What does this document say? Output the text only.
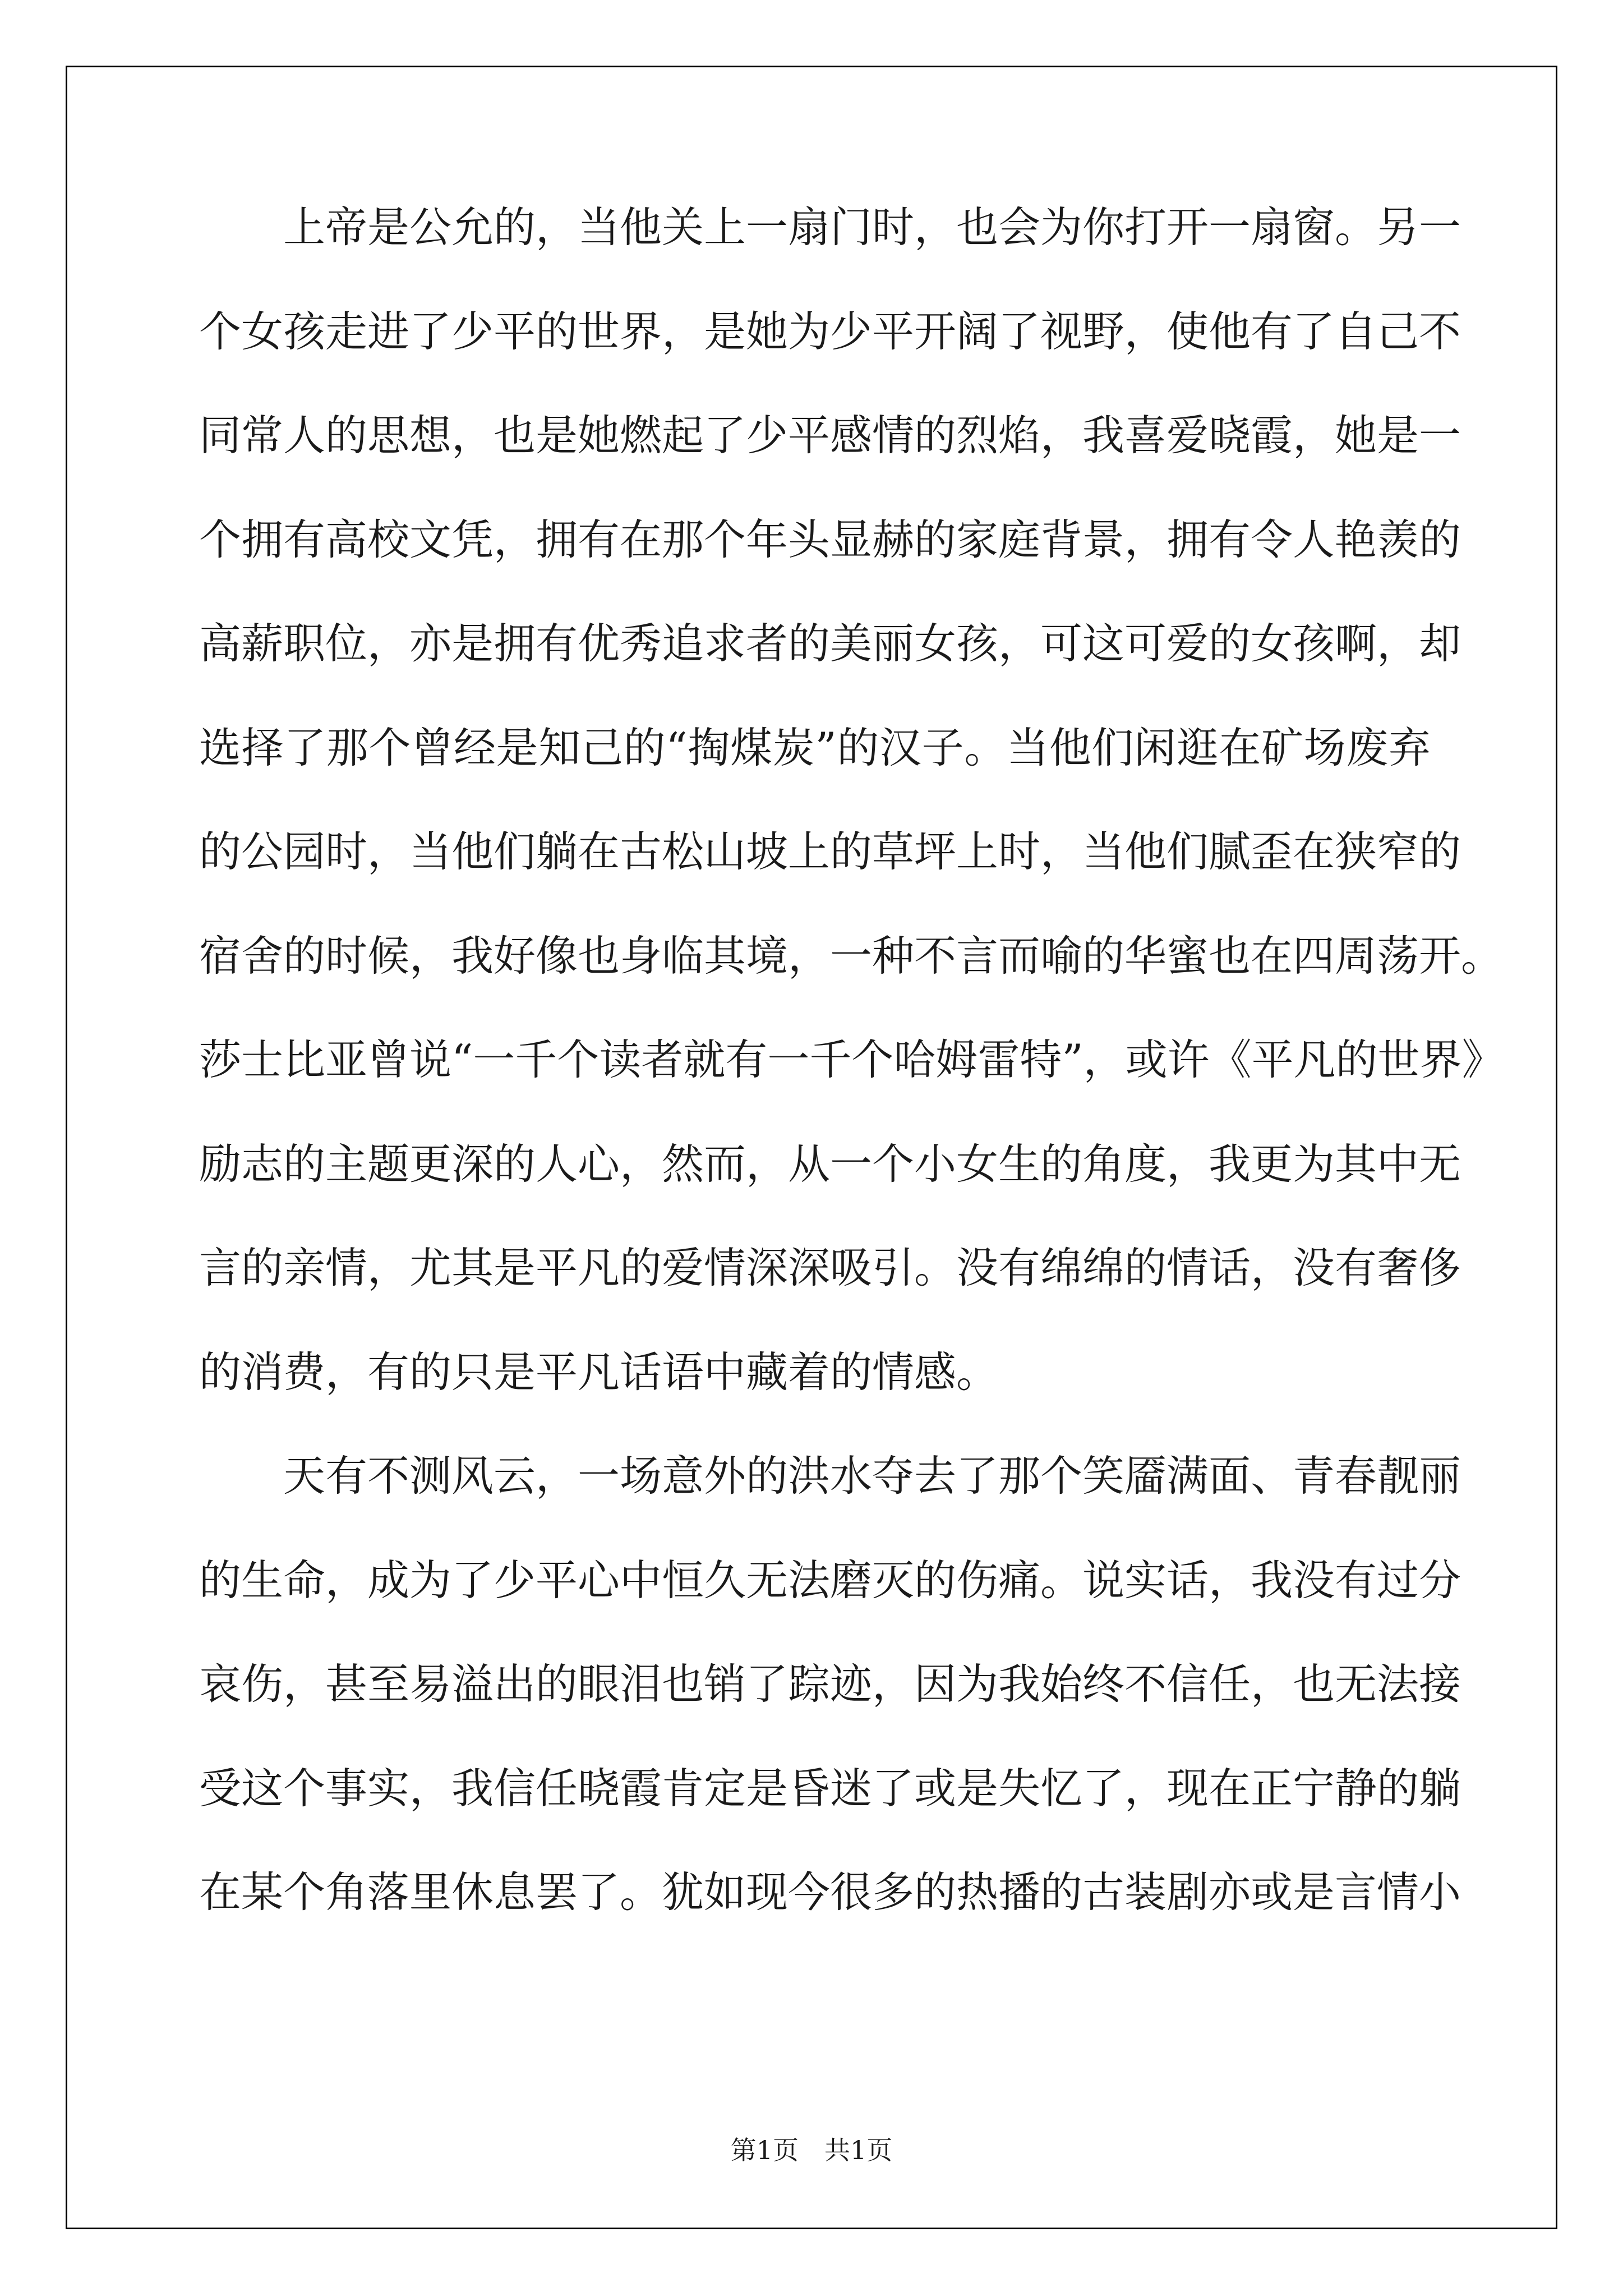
上帝是公允的，当他关上一扇门时，也会为你打开一扇窗。另一
个女孩走进了少平的世界，是她为少平开阔了视野，使他有了自己不
同常人的思想，也是她燃起了少平感情的烈焰，我喜爱晓霞，她是一
个拥有高校文凭，拥有在那个年头显赫的家庭背景，拥有令人艳羡的
高薪职位，亦是拥有优秀追求者的美丽女孩，可这可爱的女孩啊，却
选择了那个曾经是知己的“掏煤炭”的汉子。当他们闲逛在矿场废弃
的公园时，当他们躺在古松山坡上的草坪上时，当他们腻歪在狭窄的
宿舍的时候，我好像也身临其境，一种不言而喻的华蜜也在四周荡开。
莎士比亚曾说“一千个读者就有一千个哈姆雷特”，或许《平凡的世界》
励志的主题更深的人心，然而，从一个小女生的角度，我更为其中无
言的亲情，尤其是平凡的爱情深深吸引。没有绵绵的情话，没有奢侈
的消费，有的只是平凡话语中藏着的情感。
天有不测风云，一场意外的洪水夺去了那个笑靥满面、青春靓丽
的生命，成为了少平心中恒久无法磨灭的伤痛。说实话，我没有过分
哀伤，甚至易溢出的眼泪也销了踪迹，因为我始终不信任，也无法接
受这个事实，我信任晓霞肯定是昏迷了或是失忆了，现在正宁静的躺
在某个角落里休息罢了。犹如现今很多的热播的古装剧亦或是言情小
第1页 共1页
